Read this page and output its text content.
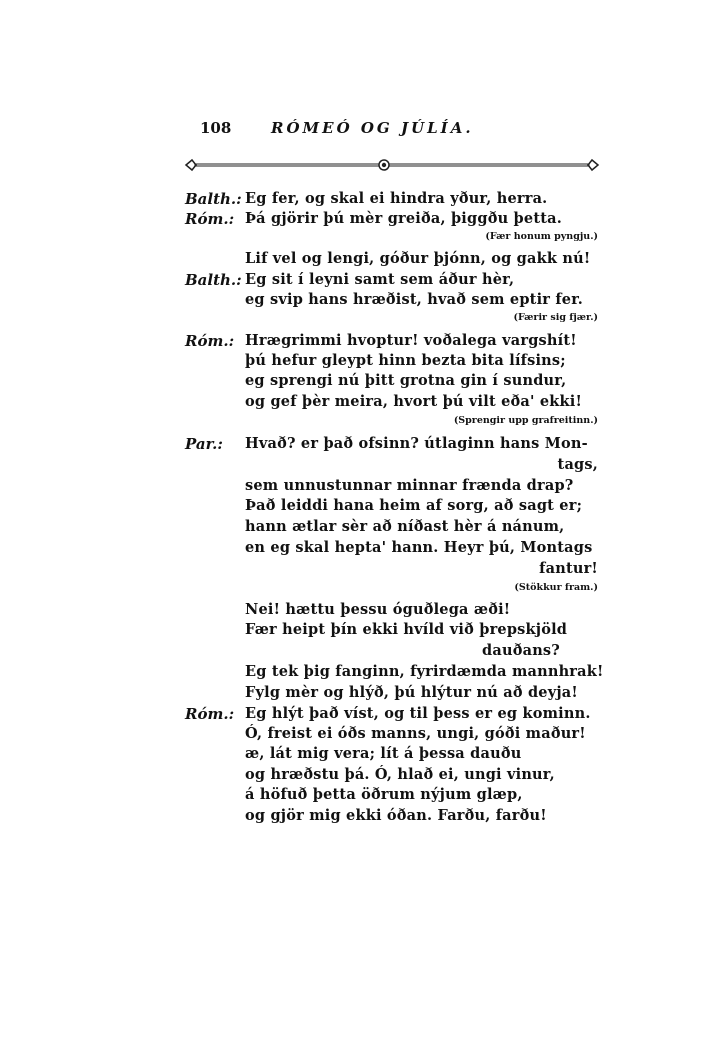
108	RÓMEÓ OG JÚLÍA.
Balth.: Eg fer, og skal ei hindra yður, herra.
Róm.: Þá gjörir þú mèr greiða, þiggðu þetta.
(Fær honum pyngju.)
Lif vel og lengi, góður þjónn, og gakk nú!
Balth.: Eg sit í leyni samt sem áður hèr,
eg svip hans hræðist, hvað sem eptir fer.
(Færir sig fjær.)
Róm.: Hrægrimmi hvoptur! voðalega vargshít!
þú hefur gleypt hinn bezta bita lífsins;
eg sprengi nú þitt grotna gin í sundur,
og gef þèr meira, hvort þú vilt eða' ekki!
(Sprengir upp grafreitinn.)
Par.: Hvað? er það ofsinn? útlaginn hans Mon-
tags,
sem unnustunnar minnar frænda drap?
Það leiddi hana heim af sorg, að sagt er;
hann ætlar sèr að níðast hèr á nánum,
en eg skal hepta' hann. Heyr þú, Montags
fantur!
(Stökkur fram.)
Nei! hættu þessu óguðlega æði!
Fær heipt þín ekki hvíld við þrepskjöld
dauðans?
Eg tek þig fanginn, fyrirdæmda mannhrak!
Fylg mèr og hlýð, þú hlýtur nú að deyja!
Róm.: Eg hlýt það víst, og til þess er eg kominn.
Ó, freist ei óðs manns, ungi, góði maður!
æ, lát mig vera; lít á þessa dauðu
og hræðstu þá. Ó, hlað ei, ungi vinur,
á höfuð þetta öðrum nýjum glæp,
og gjör mig ekki óðan. Farðu, farðu!
